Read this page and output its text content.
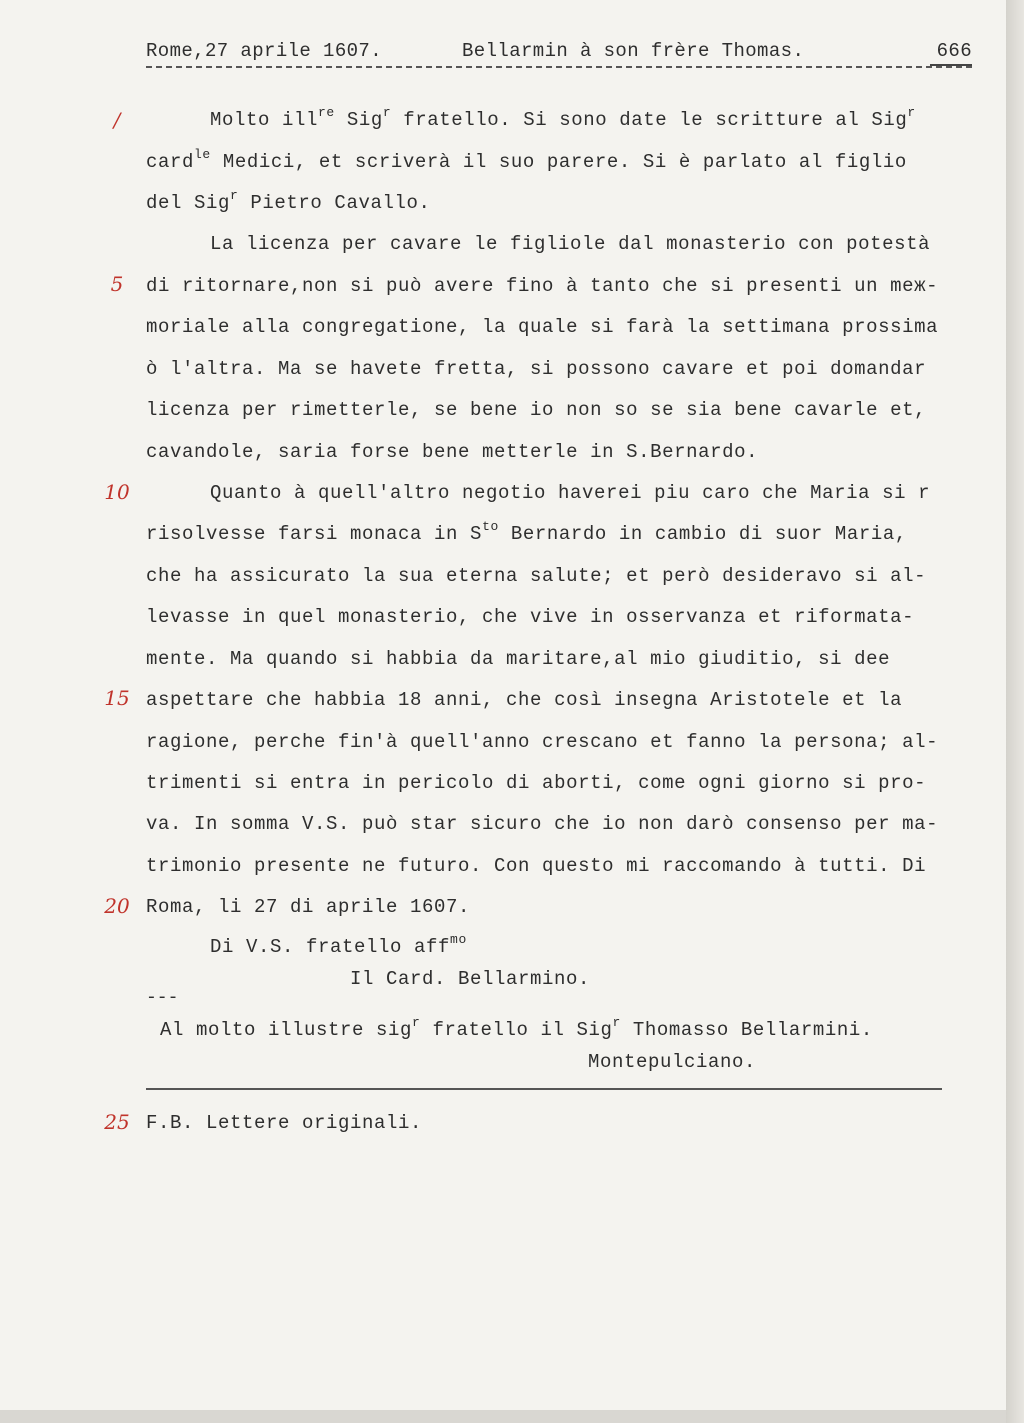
Rome,27 aprile 1607.	Bellarmin à son frère Thomas.	666
/
5
10
15
20
25
Molto ill$^{re}$ Sig$^r$ fratello. Si sono date le scritture al Sig$^r$
card$^{le}$ Medici, et scriverà il suo parere. Si è parlato al figlio
del Sig$^r$ Pietro Cavallo.
La licenza per cavare le figliole dal monasterio con potestà
di ritornare,non si può avere fino à tanto che si presenti un meж-
moriale alla congregatione, la quale si farà la settimana prossima
ò l'altra. Ma se havete fretta, si possono cavare et poi domandar
licenza per rimetterle, se bene io non so se sia bene cavarle et,
cavandole, saria forse bene metterle in S.Bernardo.
Quanto à quell'altro negotio haverei piu caro che Maria si r
risolvesse farsi monaca in $S^{to}$ Bernardo in cambio di suor Maria,
che ha assicurato la sua eterna salute; et però desideravo si al-
levasse in quel monasterio, che vive in osservanza et riformata-
mente. Ma quando si habbia da maritare,al mio giuditio, si dee
aspettare che habbia 18 anni, che così insegna Aristotele et la
ragione, perche fin'à quell'anno crescano et fanno la persona; al-
trimenti si entra in pericolo di aborti, come ogni giorno si pro-
va. In somma V.S. può star sicuro che io non darò consenso per ma-
trimonio presente ne futuro. Con questo mi raccomando à tutti. Di
Roma, li 27 di aprile 1607.
Di V.S. fratello aff$^{mo}$
Il Card. Bellarmino.
---
Al molto illustre sig$^r$ fratello il Sig$^r$ Thomasso Bellarmini.
Montepulciano.
F.B. Lettere originali.
